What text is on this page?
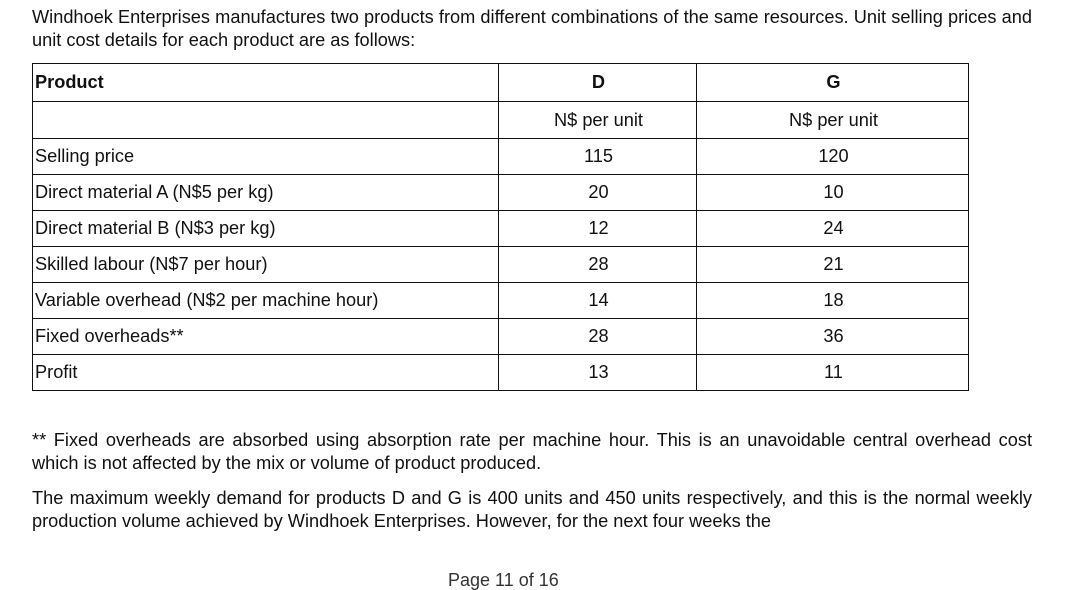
Windhoek Enterprises manufactures two products from different combinations of the same resources. Unit selling prices and unit cost details for each product are as follows:

Product	D	G
	N$ per unit	N$ per unit
Selling price	115	120
Direct material A (N$5 per kg)	20	10
Direct material B (N$3 per kg)	12	24
Skilled labour (N$7 per hour)	28	21
Variable overhead (N$2 per machine hour)	14	18
Fixed overheads**	28	36
Profit	13	11

** Fixed overheads are absorbed using absorption rate per machine hour. This is an unavoidable central overhead cost which is not affected by the mix or volume of product produced.

The maximum weekly demand for products D and G is 400 units and 450 units respectively, and this is the normal weekly production volume achieved by Windhoek Enterprises. However, for the next four weeks the

Page 11 of 16
